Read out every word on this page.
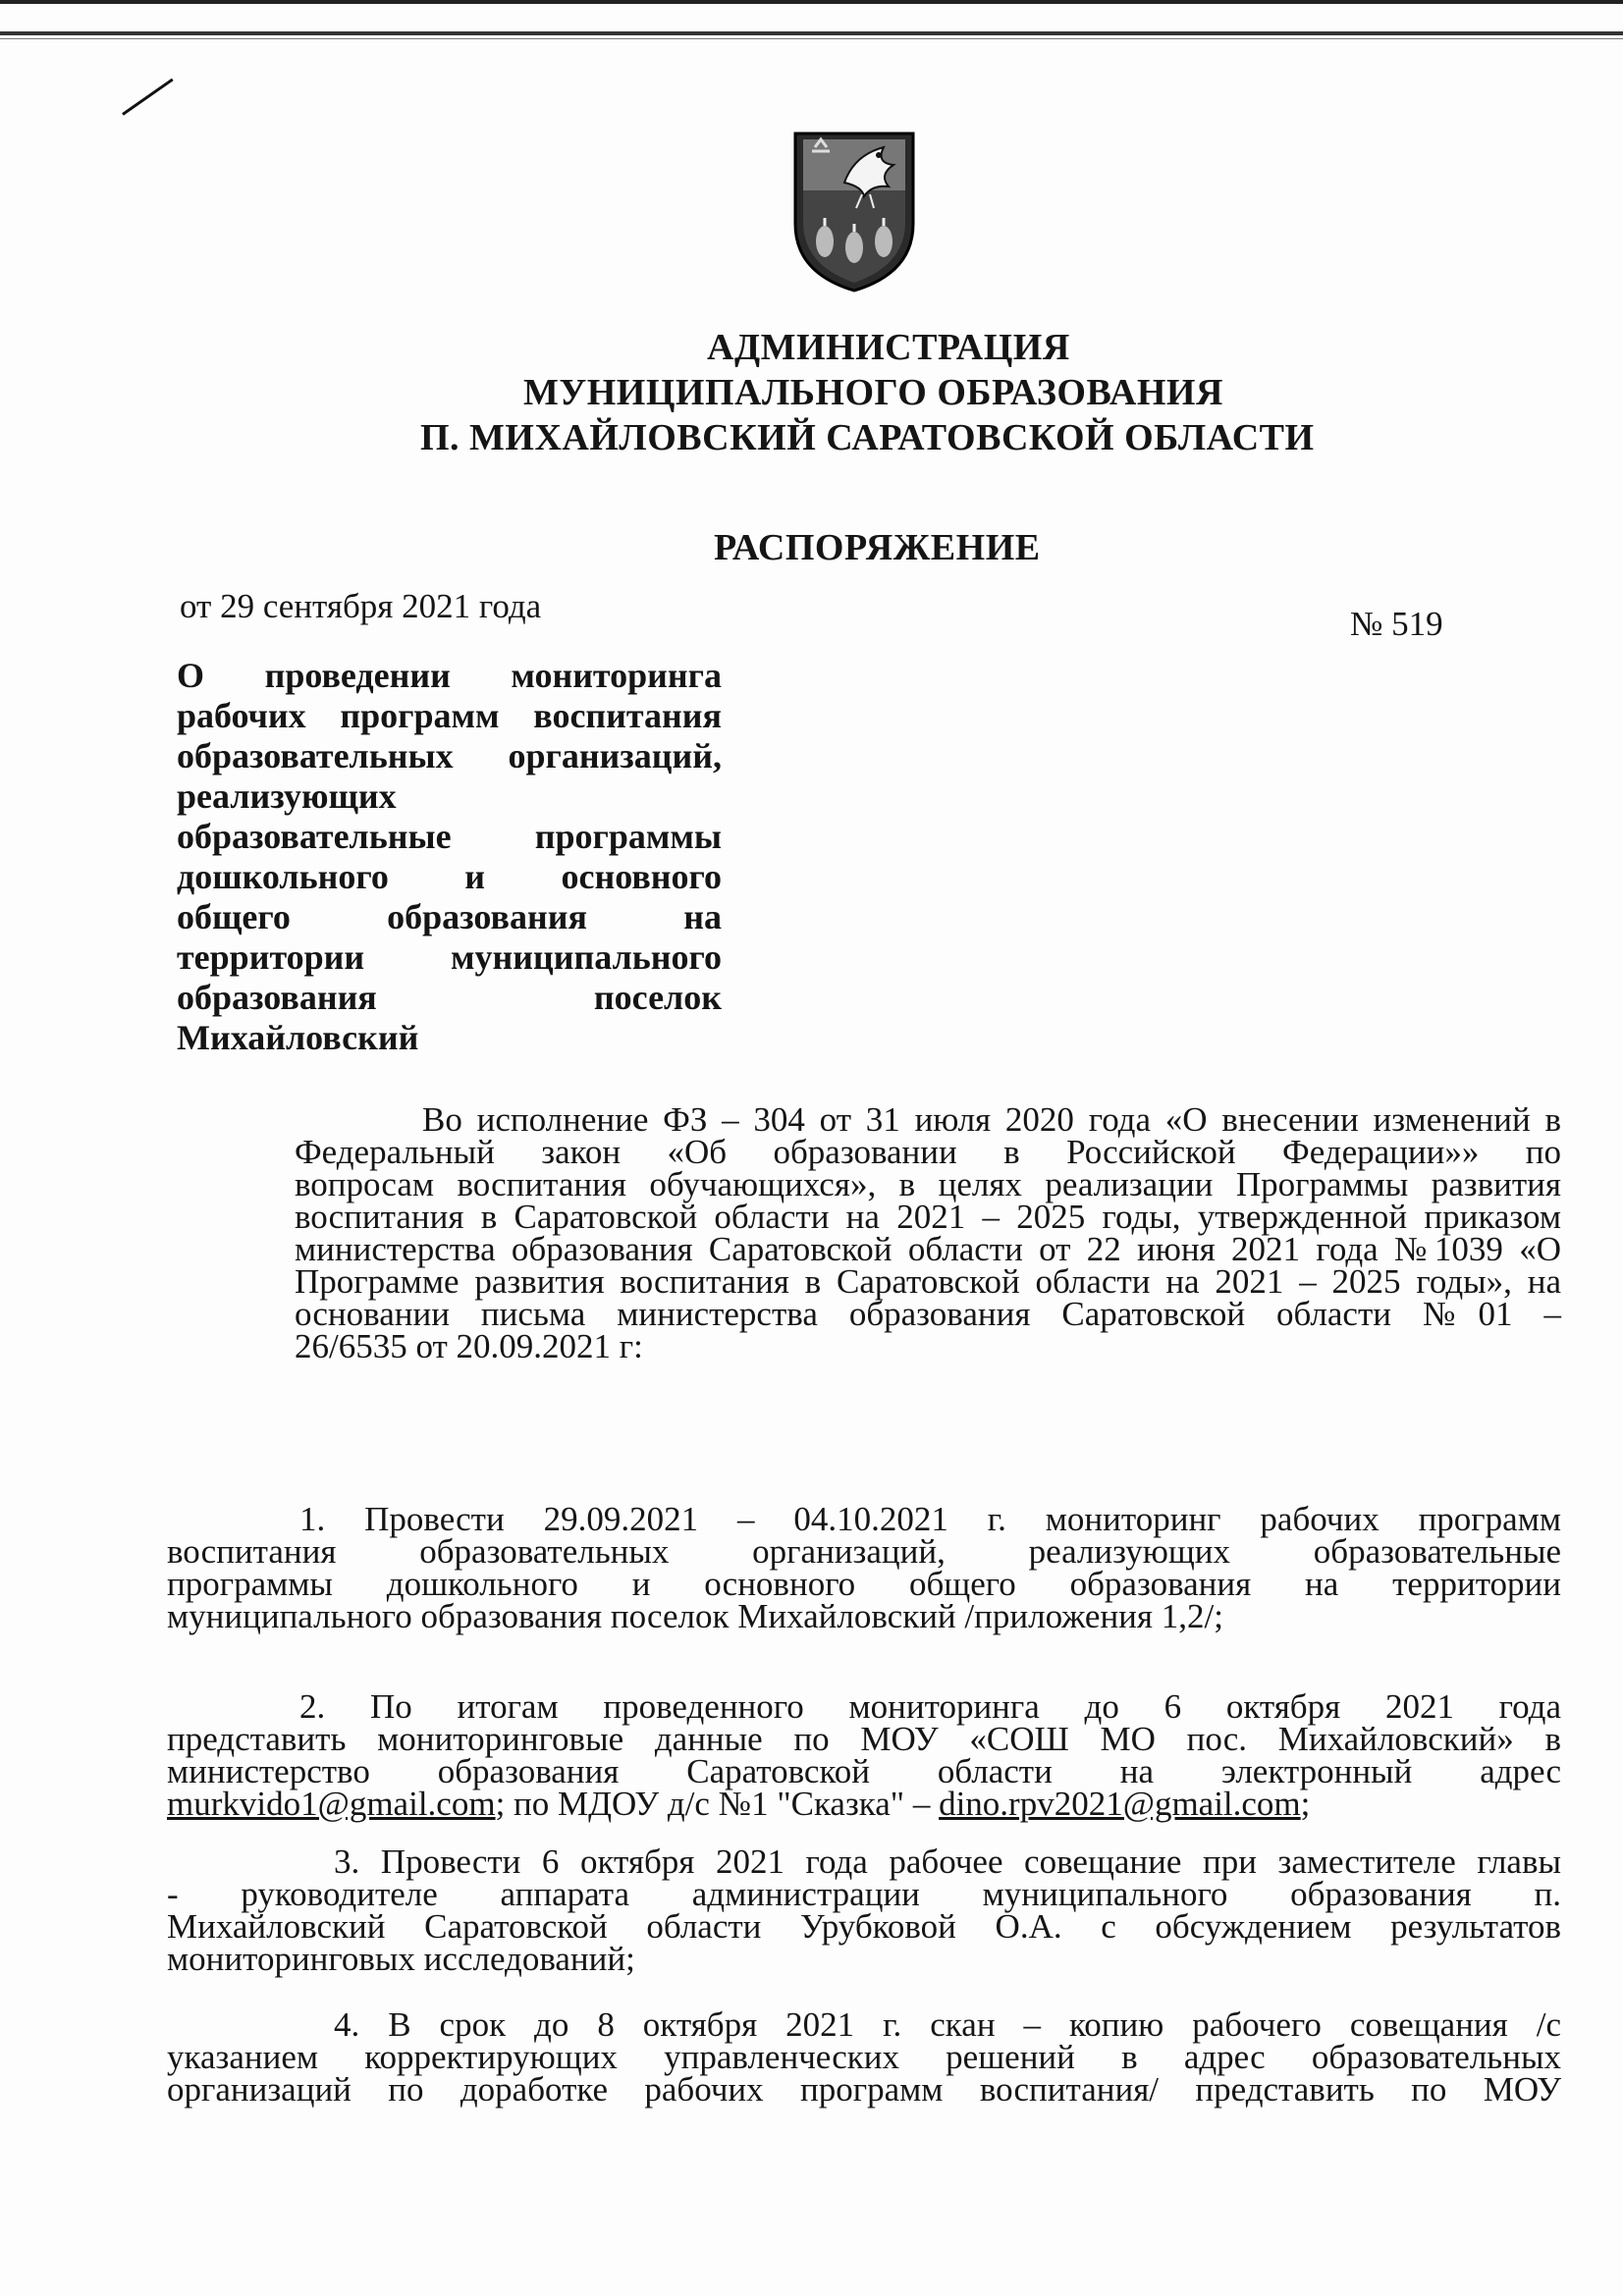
АДМИНИСТРАЦИЯ
МУНИЦИПАЛЬНОГО ОБРАЗОВАНИЯ
П. МИХАЙЛОВСКИЙ САРАТОВСКОЙ ОБЛАСТИ
РАСПОРЯЖЕНИЕ
от 29 сентября 2021 года	№ 519
О проведении мониторинга
рабочих программ воспитания
образовательных организаций,
реализующих
образовательные программы
дошкольного и основного
общего образования на
территории муниципального
образования поселок
Михайловский
Во исполнение ФЗ – 304 от 31 июля 2020 года «О внесении изменений в
Федеральный закон «Об образовании в Российской Федерации»» по
вопросам воспитания обучающихся», в целях реализации Программы развития
воспитания в Саратовской области на 2021 – 2025 годы, утвержденной приказом
министерства образования Саратовской области от 22 июня 2021 года №1039 «О
Программе развития воспитания в Саратовской области на 2021 – 2025 годы», на
основании письма министерства образования Саратовской области №01 –
26/6535 от 20.09.2021 г:
1. Провести 29.09.2021 – 04.10.2021 г. мониторинг рабочих программ
воспитания образовательных организаций, реализующих образовательные
программы дошкольного и основного общего образования на территории
муниципального образования поселок Михайловский /приложения 1,2/;
2. По итогам проведенного мониторинга до 6 октября 2021 года
представить мониторинговые данные по МОУ «СОШ МО пос. Михайловский» в
министерство образования Саратовской области на электронный адрес
murkvido1@gmail.com; по МДОУ д/с №1 "Сказка" – dino.rpv2021@gmail.com;
3. Провести 6 октября 2021 года рабочее совещание при заместителе главы
- руководителе аппарата администрации муниципального образования п.
Михайловский Саратовской области Урубковой О.А. с обсуждением результатов
мониторинговых исследований;
4. В срок до 8 октября 2021 г. скан – копию рабочего совещания /с
указанием корректирующих управленческих решений в адрес образовательных
организаций по доработке рабочих программ воспитания/ представить по МОУ
